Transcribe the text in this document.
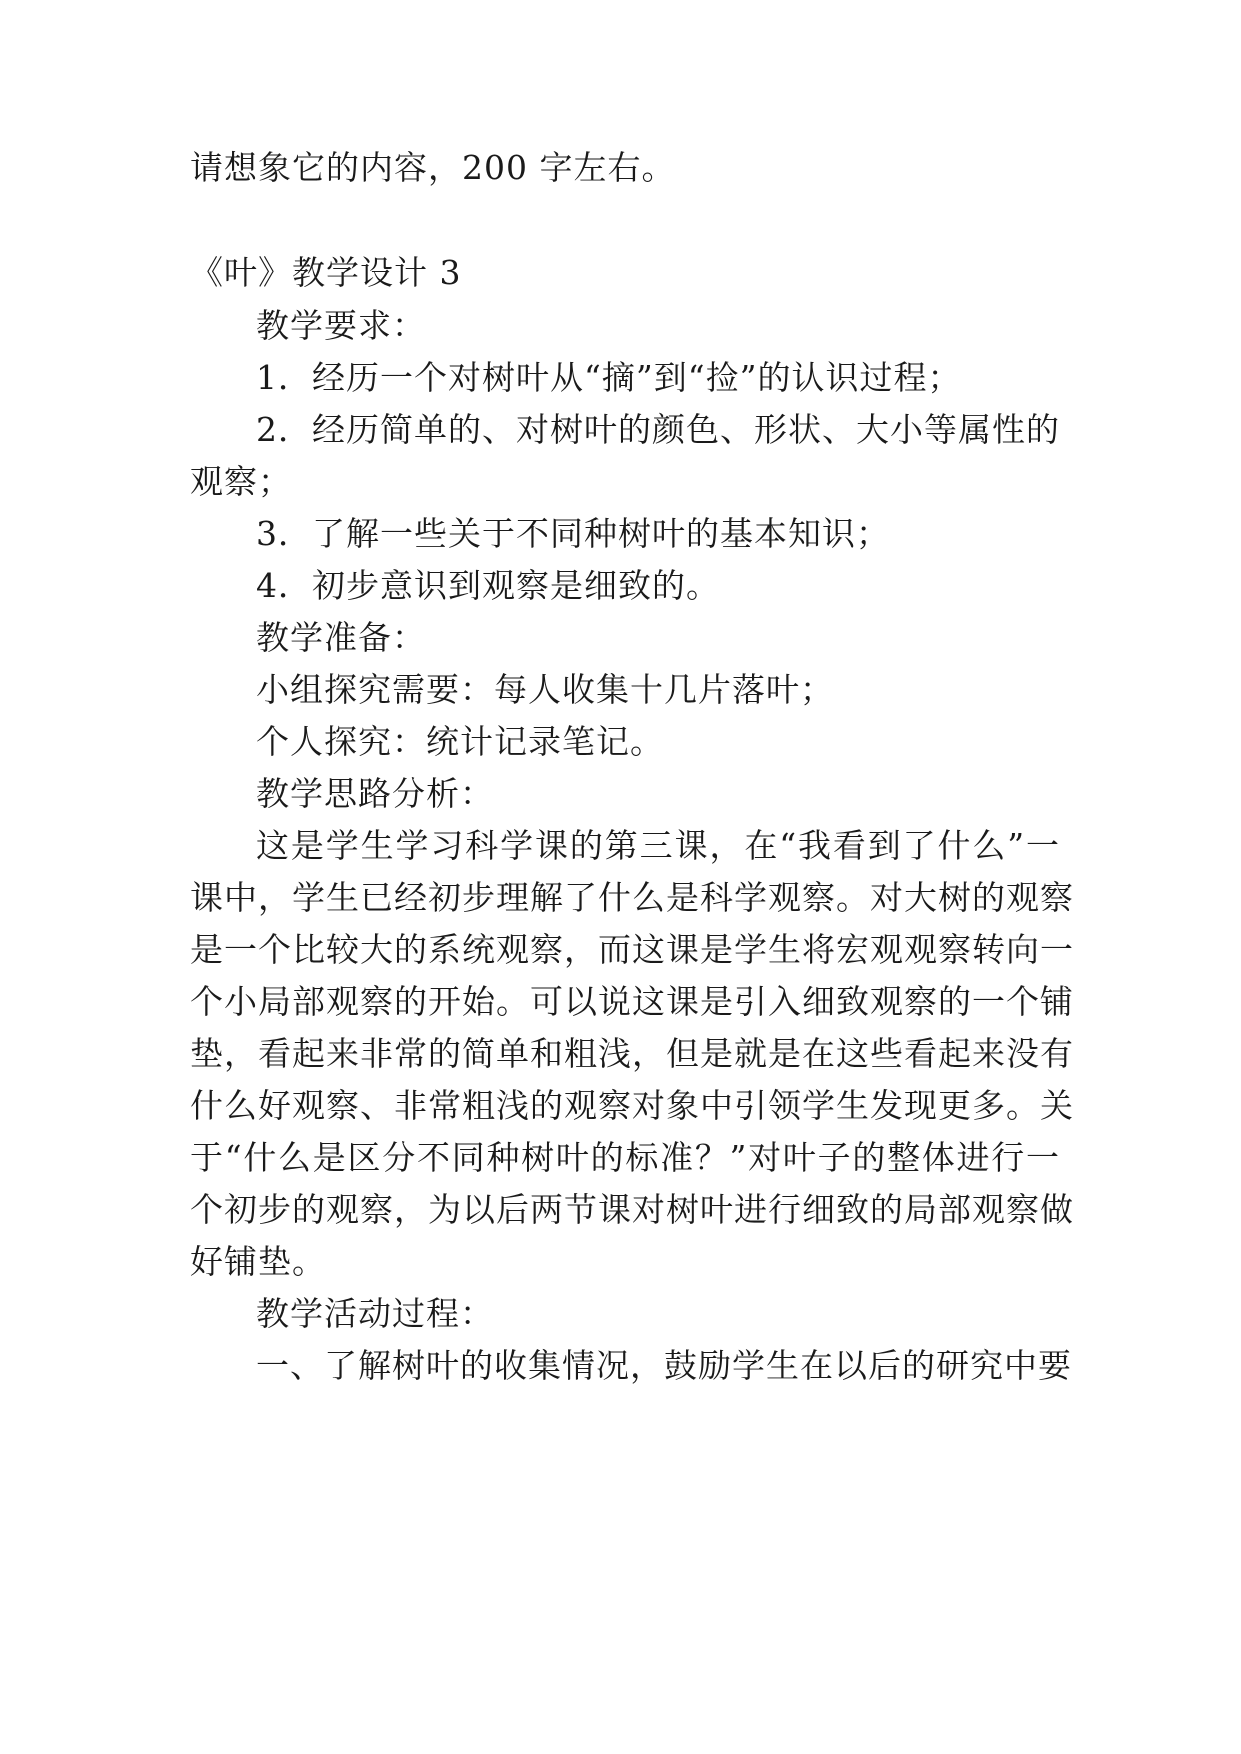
请想象它的内容，200 字左右。
《叶》教学设计 3
教学要求：
1．经历一个对树叶从“摘”到“捡”的认识过程；
2．经历简单的、对树叶的颜色、形状、大小等属性的
观察；
3．了解一些关于不同种树叶的基本知识；
4．初步意识到观察是细致的。
教学准备：
小组探究需要：每人收集十几片落叶；
个人探究：统计记录笔记。
教学思路分析：
这是学生学习科学课的第三课，在“我看到了什么”一
课中，学生已经初步理解了什么是科学观察。对大树的观察
是一个比较大的系统观察，而这课是学生将宏观观察转向一
个小局部观察的开始。可以说这课是引入细致观察的一个铺
垫，看起来非常的简单和粗浅，但是就是在这些看起来没有
什么好观察、非常粗浅的观察对象中引领学生发现更多。关
于“什么是区分不同种树叶的标准？”对叶子的整体进行一
个初步的观察，为以后两节课对树叶进行细致的局部观察做
好铺垫。
教学活动过程：
一、了解树叶的收集情况，鼓励学生在以后的研究中要
